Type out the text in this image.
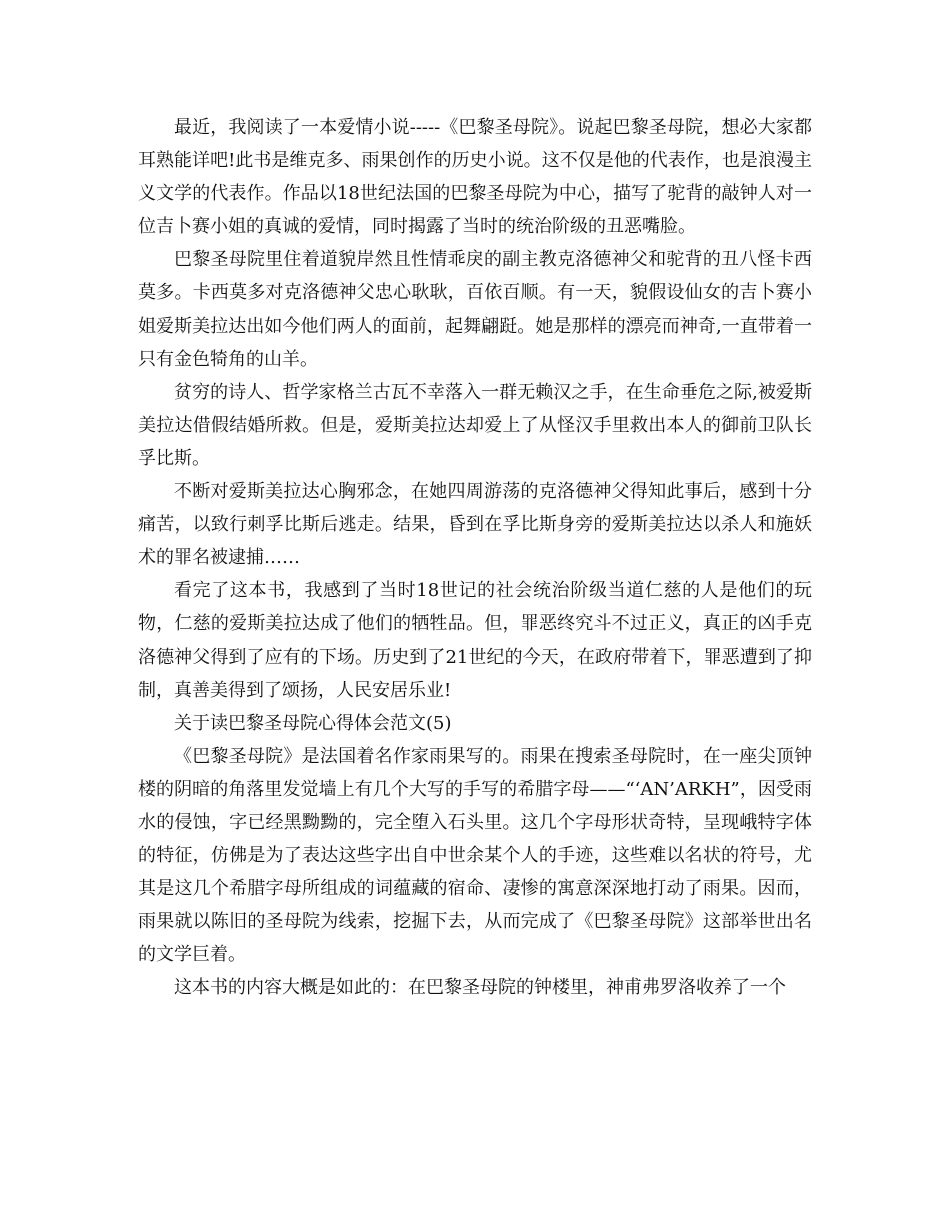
最近，我阅读了一本爱情小说-----《巴黎圣母院》。说起巴黎圣母院，想必大家都耳熟能详吧!此书是维克多、雨果创作的历史小说。这不仅是他的代表作，也是浪漫主义文学的代表作。作品以18世纪法国的巴黎圣母院为中心，描写了驼背的敲钟人对一位吉卜赛小姐的真诚的爱情，同时揭露了当时的统治阶级的丑恶嘴脸。

巴黎圣母院里住着道貌岸然且性情乖戾的副主教克洛德神父和驼背的丑八怪卡西莫多。卡西莫多对克洛德神父忠心耿耿，百依百顺。有一天，貌假设仙女的吉卜赛小姐爱斯美拉达出如今他们两人的面前，起舞翩跹。她是那样的漂亮而神奇,一直带着一只有金色犄角的山羊。

贫穷的诗人、哲学家格兰古瓦不幸落入一群无赖汉之手，在生命垂危之际,被爱斯美拉达借假结婚所救。但是，爱斯美拉达却爱上了从怪汉手里救出本人的御前卫队长孚比斯。

不断对爱斯美拉达心胸邪念，在她四周游荡的克洛德神父得知此事后，感到十分痛苦，以致行刺孚比斯后逃走。结果，昏到在孚比斯身旁的爱斯美拉达以杀人和施妖术的罪名被逮捕……

看完了这本书，我感到了当时18世记的社会统治阶级当道仁慈的人是他们的玩物，仁慈的爱斯美拉达成了他们的牺牲品。但，罪恶终究斗不过正义，真正的凶手克洛德神父得到了应有的下场。历史到了21世纪的今天，在政府带着下，罪恶遭到了抑制，真善美得到了颂扬，人民安居乐业!

关于读巴黎圣母院心得体会范文(5)

《巴黎圣母院》是法国着名作家雨果写的。雨果在搜索圣母院时，在一座尖顶钟楼的阴暗的角落里发觉墙上有几个大写的手写的希腊字母——“‘AN’ARKH”，因受雨水的侵蚀，字已经黑黝黝的，完全堕入石头里。这几个字母形状奇特，呈现峨特字体的特征，仿佛是为了表达这些字出自中世余某个人的手迹，这些难以名状的符号，尤其是这几个希腊字母所组成的词蕴藏的宿命、凄惨的寓意深深地打动了雨果。因而，雨果就以陈旧的圣母院为线索，挖掘下去，从而完成了《巴黎圣母院》这部举世出名的文学巨着。

这本书的内容大概是如此的：在巴黎圣母院的钟楼里，神甫弗罗洛收养了一个
